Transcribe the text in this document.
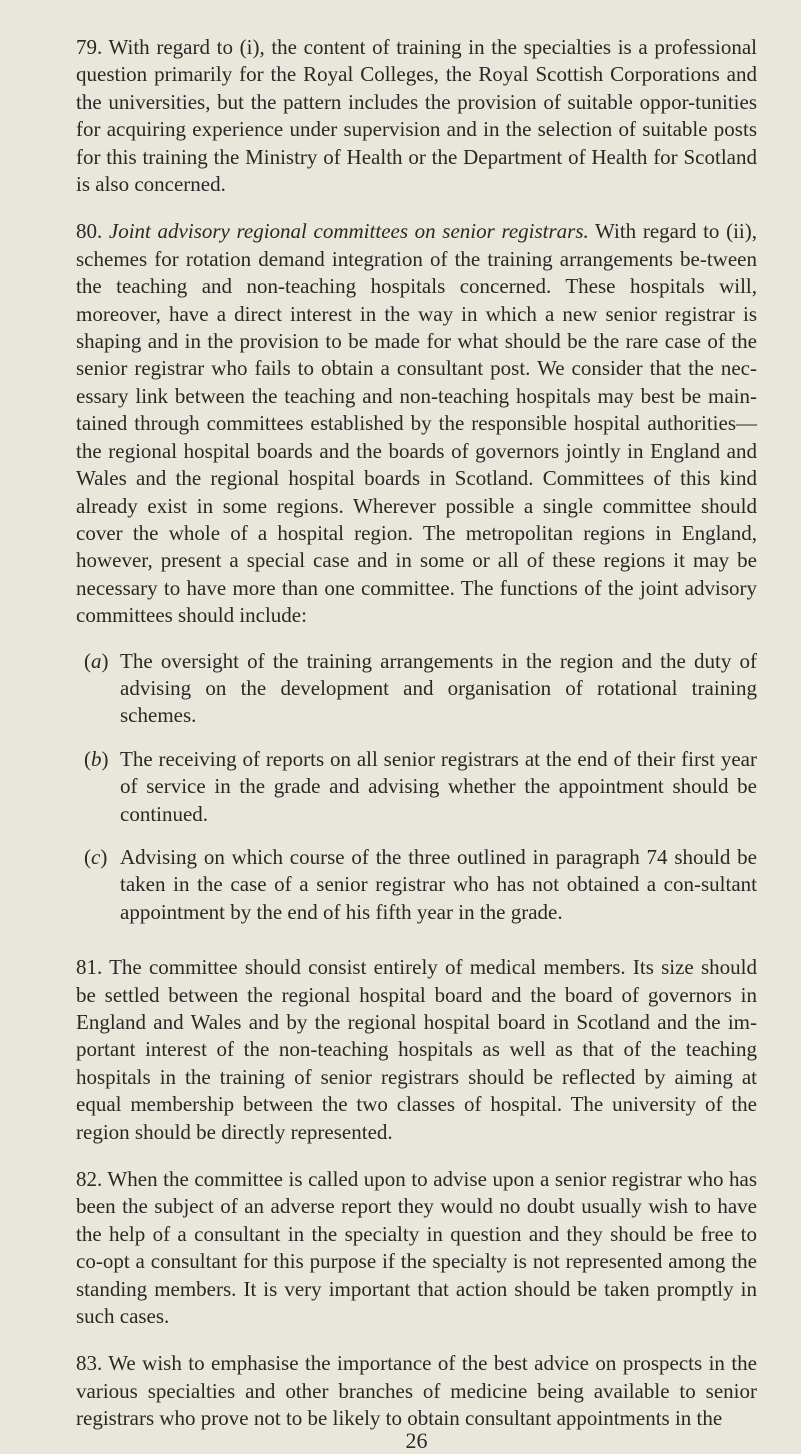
79. With regard to (i), the content of training in the specialties is a professional question primarily for the Royal Colleges, the Royal Scottish Corporations and the universities, but the pattern includes the provision of suitable oppor-tunities for acquiring experience under supervision and in the selection of suitable posts for this training the Ministry of Health or the Department of Health for Scotland is also concerned.

80. Joint advisory regional committees on senior registrars. With regard to (ii), schemes for rotation demand integration of the training arrangements be-tween the teaching and non-teaching hospitals concerned. These hospitals will, moreover, have a direct interest in the way in which a new senior registrar is shaping and in the provision to be made for what should be the rare case of the senior registrar who fails to obtain a consultant post. We consider that the nec-essary link between the teaching and non-teaching hospitals may best be main-tained through committees established by the responsible hospital authorities— the regional hospital boards and the boards of governors jointly in England and Wales and the regional hospital boards in Scotland. Committees of this kind already exist in some regions. Wherever possible a single committee should cover the whole of a hospital region. The metropolitan regions in England, however, present a special case and in some or all of these regions it may be necessary to have more than one committee. The functions of the joint advisory committees should include:

(a) The oversight of the training arrangements in the region and the duty of advising on the development and organisation of rotational training schemes.
(b) The receiving of reports on all senior registrars at the end of their first year of service in the grade and advising whether the appointment should be continued.
(c) Advising on which course of the three outlined in paragraph 74 should be taken in the case of a senior registrar who has not obtained a con-sultant appointment by the end of his fifth year in the grade.

81. The committee should consist entirely of medical members. Its size should be settled between the regional hospital board and the board of governors in England and Wales and by the regional hospital board in Scotland and the im-portant interest of the non-teaching hospitals as well as that of the teaching hospitals in the training of senior registrars should be reflected by aiming at equal membership between the two classes of hospital. The university of the region should be directly represented.

82. When the committee is called upon to advise upon a senior registrar who has been the subject of an adverse report they would no doubt usually wish to have the help of a consultant in the specialty in question and they should be free to co-opt a consultant for this purpose if the specialty is not represented among the standing members. It is very important that action should be taken promptly in such cases.

83. We wish to emphasise the importance of the best advice on prospects in the various specialties and other branches of medicine being available to senior registrars who prove not to be likely to obtain consultant appointments in the

26
